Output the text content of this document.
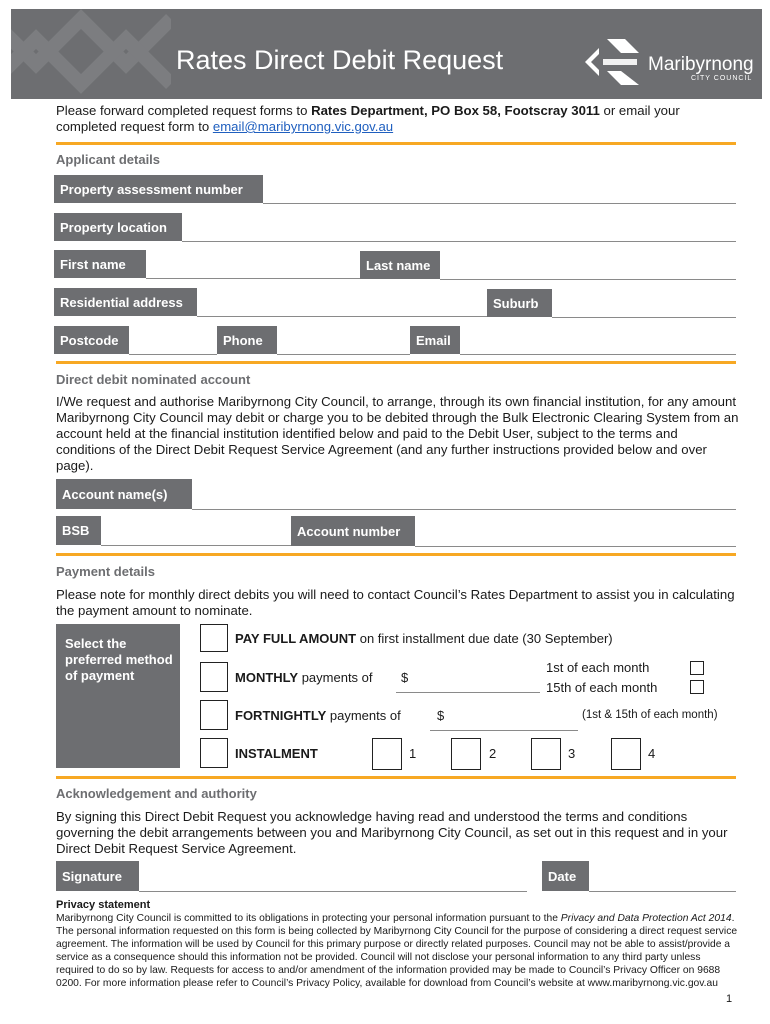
Rates Direct Debit Request	Maribyrnong
CITY COUNCIL
Please forward completed request forms to Rates Department, PO Box 58, Footscray 3011 or email your completed request form to email@maribyrnong.vic.gov.au
Applicant details
Property assessment number
Property location
First name	Last name
Residential address	Suburb
Postcode	Phone	Email
Direct debit nominated account
I/We request and authorise Maribyrnong City Council, to arrange, through its own financial institution, for any amount Maribyrnong City Council may debit or charge you to be debited through the Bulk Electronic Clearing System from an account held at the financial institution identified below and paid to the Debit User, subject to the terms and conditions of the Direct Debit Request Service Agreement (and any further instructions provided below and over page).
Account name(s)
BSB	Account number
Payment details
Please note for monthly direct debits you will need to contact Council’s Rates Department to assist you in calculating the payment amount to nominate.
Select the preferred method of payment
PAY FULL AMOUNT on first installment due date (30 September)
MONTHLY payments of $
1st of each month
15th of each month
FORTNIGHTLY payments of	$	(1st & 15th of each month)
INSTALMENT	1	2	3	4
Acknowledgement and authority
By signing this Direct Debit Request you acknowledge having read and understood the terms and conditions governing the debit arrangements between you and Maribyrnong City Council, as set out in this request and in your Direct Debit Request Service Agreement.
Signature	Date
Privacy statement
Maribyrnong City Council is committed to its obligations in protecting your personal information pursuant to the Privacy and Data Protection Act 2014. The personal information requested on this form is being collected by Maribyrnong City Council for the purpose of considering a direct request service agreement. The information will be used by Council for this primary purpose or directly related purposes. Council may not be able to assist/provide a service as a consequence should this information not be provided. Council will not disclose your personal information to any third party unless required to do so by law. Requests for access to and/or amendment of the information provided may be made to Council’s Privacy Officer on 9688 0200. For more information please refer to Council’s Privacy Policy, available for download from Council’s website at www.maribyrnong.vic.gov.au
1
